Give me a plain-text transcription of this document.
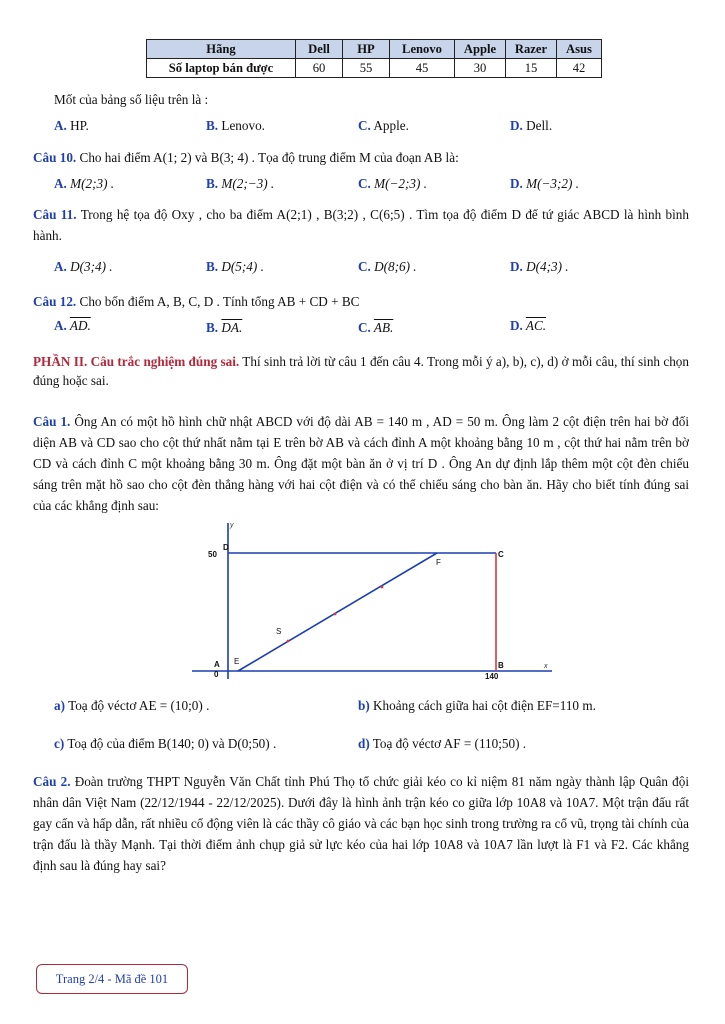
Hãng	Dell	HP	Lenovo	Apple	Razer	Asus
Số laptop bán được	60	55	45	30	15	42
Mốt của bảng số liệu trên là :
A. HP.	B. Lenovo.	C. Apple.	D. Dell.
Câu 10. Cho hai điểm A(1; 2) và B(3; 4) . Tọa độ trung điểm M của đoạn AB là:
A. M(2;3) .	B. M(2;−3) .	C. M(−2;3) .	D. M(−3;2) .

Câu 11. Trong hệ tọa độ Oxy , cho ba điểm A(2;1) , B(3;2) , C(6;5) . Tìm tọa độ điểm D để tứ giác ABCD là hình bình hành.

A. D(3;4) .	B. D(5;4) .	C. D(8;6) .	D. D(4;3) .
Câu 12. Cho bốn điểm A, B, C, D . Tính tổng AB + CD + BC
A. AD.	B. DA.	C. AB.	D. AC.

PHẦN II. Câu trắc nghiệm đúng sai. Thí sinh trả lời từ câu 1 đến câu 4. Trong mỗi ý a), b), c), d) ở mỗi câu, thí sinh chọn đúng hoặc sai.

Câu 1. Ông An có một hồ hình chữ nhật ABCD với độ dài AB = 140 m , AD = 50 m. Ông làm 2 cột điện trên hai bờ đối diện AB và CD sao cho cột thứ nhất nằm tại E trên bờ AB và cách đỉnh A một khoảng bằng 10 m , cột thứ hai nằm trên bờ CD và cách đỉnh C một khoảng bằng 30 m. Ông đặt một bàn ăn ở vị trí D . Ông An dự định lắp thêm một cột đèn chiếu sáng trên mặt hồ sao cho cột đèn thẳng hàng với hai cột điện và có thể chiếu sáng cho bàn ăn. Hãy cho biết tính đúng sai của các khẳng định sau:

y
x
50
D
C
F
S
A E	B
0	140
a) Toạ độ véctơ AE = (10;0) .	b) Khoảng cách giữa hai cột điện EF=110 m.
c) Toạ độ của điểm B(140; 0) và D(0;50) .	d) Toạ độ véctơ AF = (110;50) .

Câu 2. Đoàn trường THPT Nguyễn Văn Chất tỉnh Phú Thọ tổ chức giải kéo co kỉ niệm 81 năm ngày thành lập Quân đội nhân dân Việt Nam (22/12/1944 - 22/12/2025). Dưới đây là hình ảnh trận kéo co giữa lớp 10A8 và 10A7. Một trận đấu rất gay cấn và hấp dẫn, rất nhiều cổ động viên là các thầy cô giáo và các bạn học sinh trong trường ra cổ vũ, trọng tài chính của trận đấu là thầy Mạnh. Tại thời điểm ảnh chụp giả sử lực kéo của hai lớp 10A8 và 10A7 lần lượt là F1 và F2. Các khẳng định sau là đúng hay sai?

Trang 2/4 - Mã đề 101
